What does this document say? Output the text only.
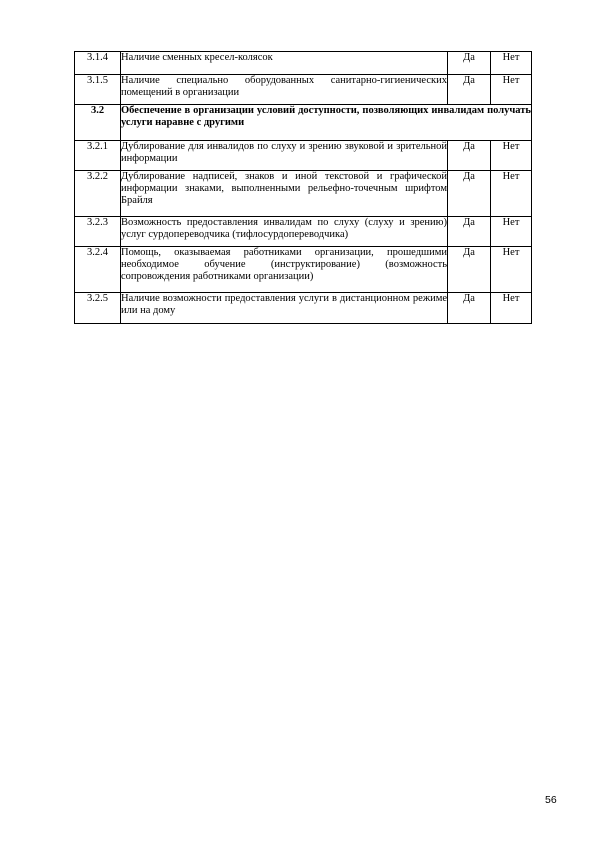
3.1.4	Наличие сменных кресел-колясок	Да	Нет
3.1.5	Наличие специально оборудованных санитарно-гигиенических помещений в организации	Да	Нет
3.2	Обеспечение в организации условий доступности, позволяющих инвалидам получать услуги наравне с другими		
3.2.1	Дублирование для инвалидов по слуху и зрению звуковой и зрительной информации	Да	Нет
3.2.2	Дублирование надписей, знаков и иной текстовой и графической информации знаками, выполненными рельефно-точечным шрифтом Брайля	Да	Нет
3.2.3	Возможность предоставления инвалидам по слуху (слуху и зрению) услуг сурдопереводчика (тифлосурдопереводчика)	Да	Нет
3.2.4	Помощь, оказываемая работниками организации, прошедшими необходимое обучение (инструктирование) (возможность сопровождения работниками организации)	Да	Нет
3.2.5	Наличие возможности предоставления услуги в дистанционном режиме или на дому	Да	Нет
56
